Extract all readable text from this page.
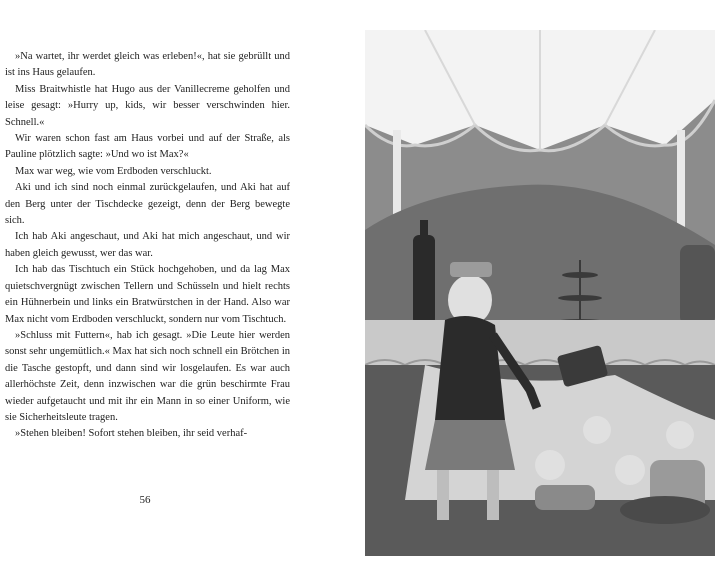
»Na wartet, ihr werdet gleich was erleben!«, hat sie gebrüllt und ist ins Haus gelaufen.

Miss Braitwhistle hat Hugo aus der Vanillecreme geholfen und leise gesagt: »Hurry up, kids, wir besser verschwinden hier. Schnell.«

Wir waren schon fast am Haus vorbei und auf der Straße, als Pauline plötzlich sagte: »Und wo ist Max?«

Max war weg, wie vom Erdboden verschluckt.

Aki und ich sind noch einmal zurückgelaufen, und Aki hat auf den Berg unter der Tischdecke gezeigt, denn der Berg bewegte sich.

Ich hab Aki angeschaut, und Aki hat mich angeschaut, und wir haben gleich gewusst, wer das war.

Ich hab das Tischtuch ein Stück hochgehoben, und da lag Max quietschvergnügt zwischen Tellern und Schüsseln und hielt rechts ein Hühnerbein und links ein Bratwürstchen in der Hand. Also war Max nicht vom Erdboden verschluckt, sondern nur vom Tischtuch.

»Schluss mit Futtern«, hab ich gesagt. »Die Leute hier werden sonst sehr ungemütlich.« Max hat sich noch schnell ein Brötchen in die Tasche gestopft, und dann sind wir losgelaufen. Es war auch allerhöchste Zeit, denn inzwischen war die grün beschirmte Frau wieder aufgetaucht und mit ihr ein Mann in so einer Uniform, wie sie Sicherheitsleute tragen.

»Stehen bleiben! Sofort stehen bleiben, ihr seid verhaf-

56
